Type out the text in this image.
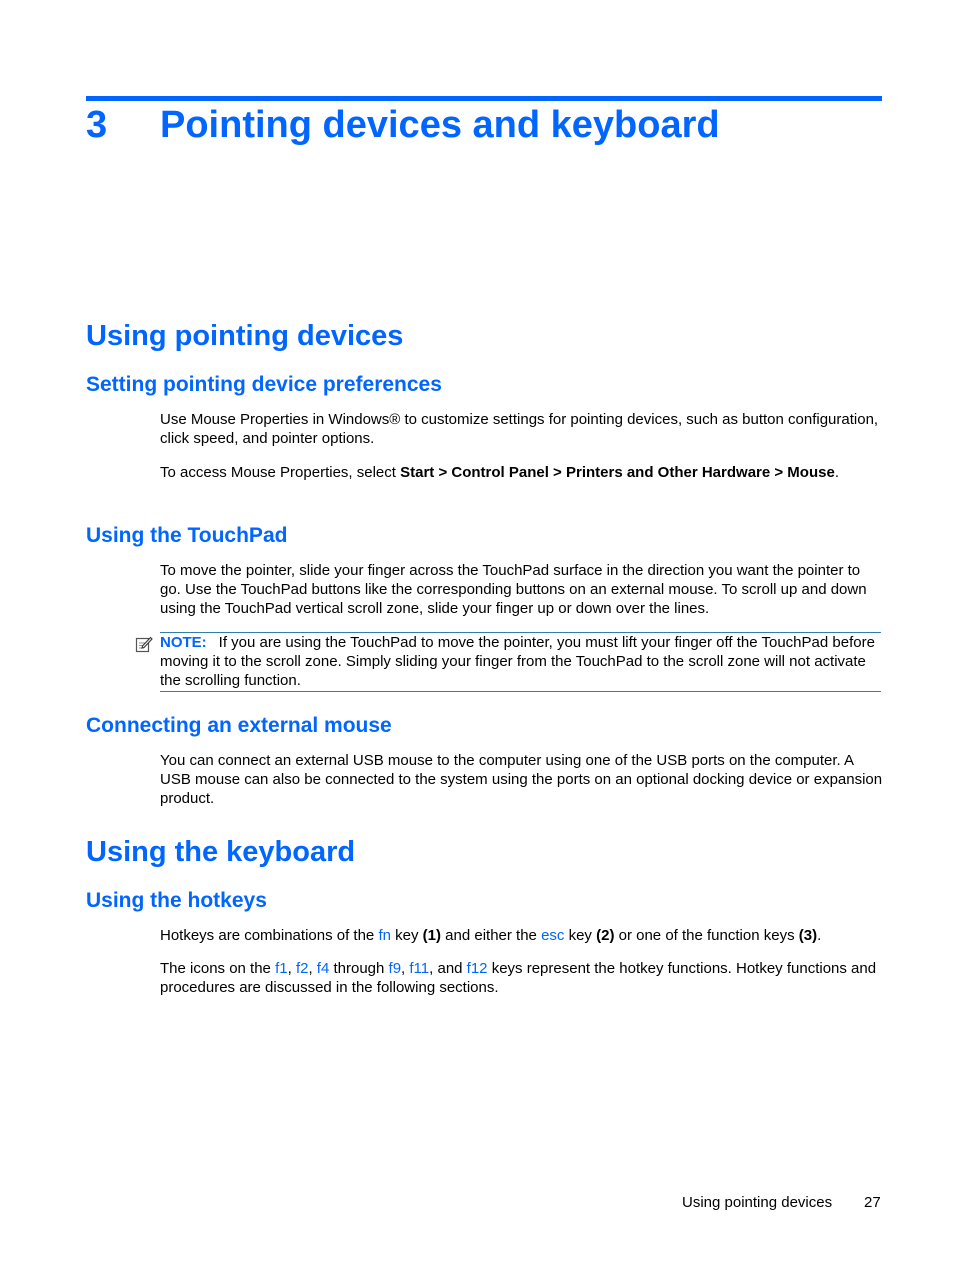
3 Pointing devices and keyboard
Using pointing devices
Setting pointing device preferences

Use Mouse Properties in Windows® to customize settings for pointing devices, such as button configuration, click speed, and pointer options.

To access Mouse Properties, select Start > Control Panel > Printers and Other Hardware > Mouse.

Using the TouchPad

To move the pointer, slide your finger across the TouchPad surface in the direction you want the pointer to go. Use the TouchPad buttons like the corresponding buttons on an external mouse. To scroll up and down using the TouchPad vertical scroll zone, slide your finger up or down over the lines.

NOTE: If you are using the TouchPad to move the pointer, you must lift your finger off the TouchPad before moving it to the scroll zone. Simply sliding your finger from the TouchPad to the scroll zone will not activate the scrolling function.

Connecting an external mouse

You can connect an external USB mouse to the computer using one of the USB ports on the computer. A USB mouse can also be connected to the system using the ports on an optional docking device or expansion product.

Using the keyboard
Using the hotkeys

Hotkeys are combinations of the fn key (1) and either the esc key (2) or one of the function keys (3).

The icons on the f1, f2, f4 through f9, f11, and f12 keys represent the hotkey functions. Hotkey functions and procedures are discussed in the following sections.

Using pointing devices 27
